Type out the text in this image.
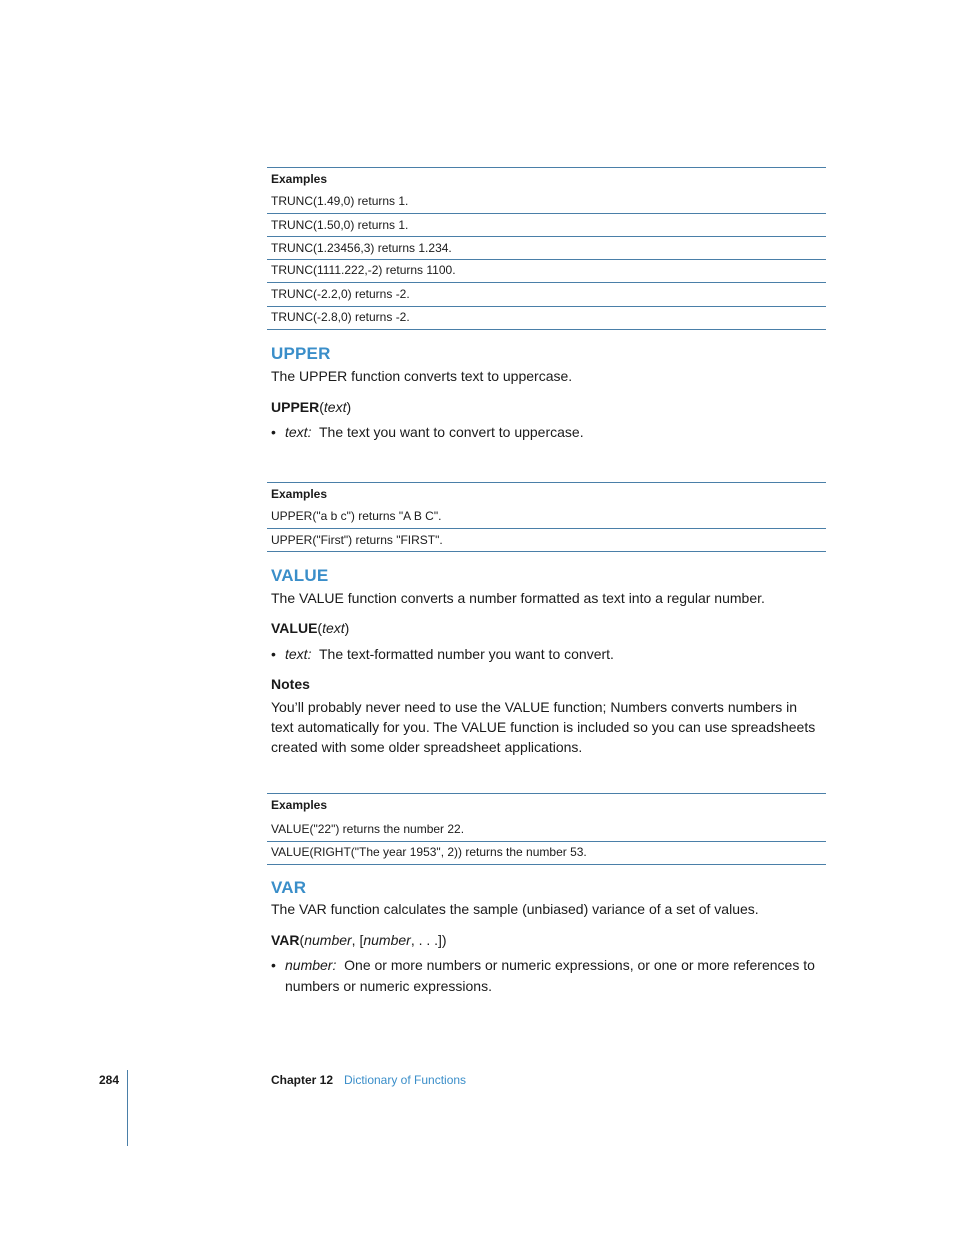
Examples
TRUNC(1.49,0) returns 1.
TRUNC(1.50,0) returns 1.
TRUNC(1.23456,3) returns 1.234.
TRUNC(1111.222,-2) returns 1100.
TRUNC(-2.2,0) returns -2.
TRUNC(-2.8,0) returns -2.
UPPER
The UPPER function converts text to uppercase.
UPPER(text)
• text: The text you want to convert to uppercase.
Examples
UPPER("a b c") returns "A B C".
UPPER("First") returns "FIRST".
VALUE
The VALUE function converts a number formatted as text into a regular number.
VALUE(text)
• text: The text-formatted number you want to convert.
Notes
You’ll probably never need to use the VALUE function; Numbers converts numbers in text automatically for you. The VALUE function is included so you can use spreadsheets created with some older spreadsheet applications.
Examples
VALUE("22") returns the number 22.
VALUE(RIGHT("The year 1953", 2)) returns the number 53.
VAR
The VAR function calculates the sample (unbiased) variance of a set of values.
VAR(number, [number, . . .])
• number: One or more numbers or numeric expressions, or one or more references to numbers or numeric expressions.
284	Chapter 12 Dictionary of Functions
